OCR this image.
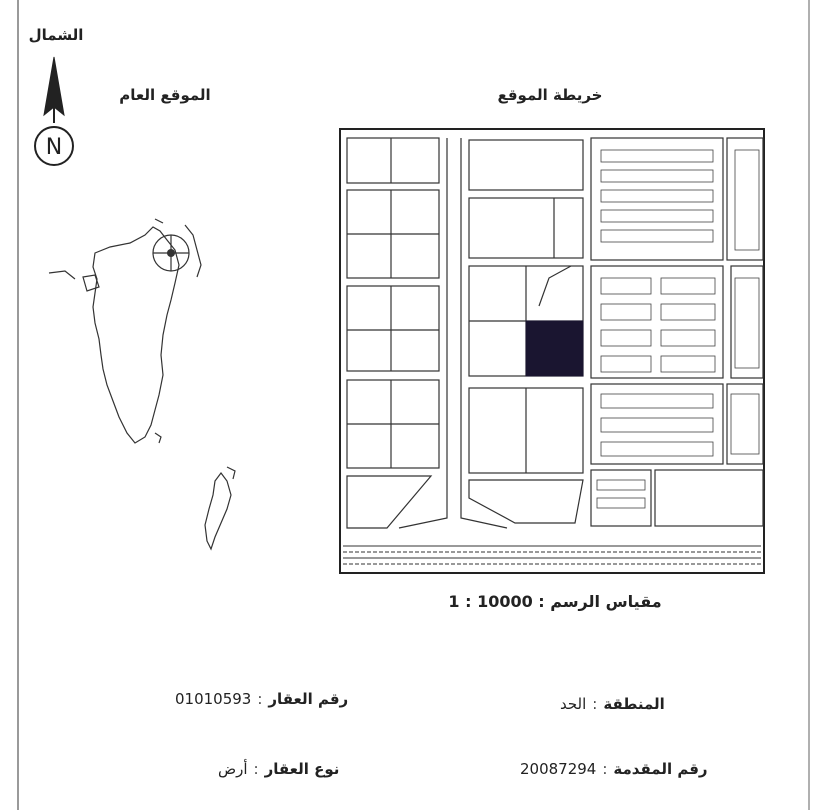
الشمال
N
الموقع العام	خريطة الموقع
مقياس الرسم : 10000 : 1
المنطقة
:
الحد
رقم العقار
:
01010593
رقم المقدمة
:
20087294
نوع العقار
:
أرض
